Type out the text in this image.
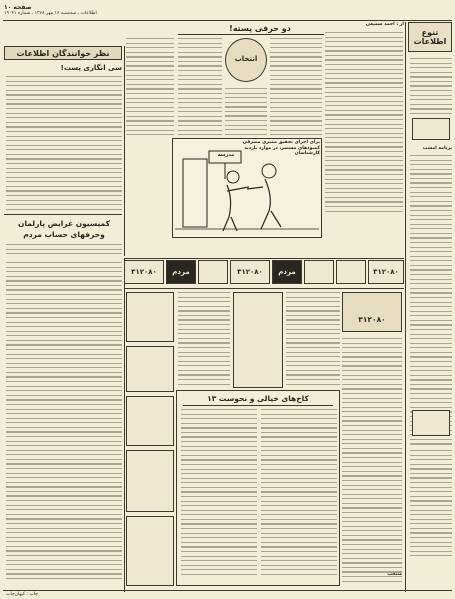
صفحه ۱۰
اطلاعات ـ سه‌شنبه ۱۶ مهر ۱۳۶۸ ـ شماره ۱۹۰۴۱
تنوع اطلاعات
نظر خوانندگان اطلاعات
از : احمد سمیعی
برنامه امشب
دو حرفی پسته!
انتخاب
مدرسه
برای اجرای تحقیق ممیزی مصرفی کمبودهای مستمر، در موارد بازدید کارشناسان
سی انگاری پست!
کمیسیون عرایض پارلمان وحرفهای حساب مردم
۳۱۲۰۸۰	مردم	۳۱۲۰۸۰	مردم	۳۱۲۰۸۰
۳۱۲۰۸۰
منتخب
کاخ‌های خیالی و نحوست ۱۳
چاپ : کیهان‌چاپ
